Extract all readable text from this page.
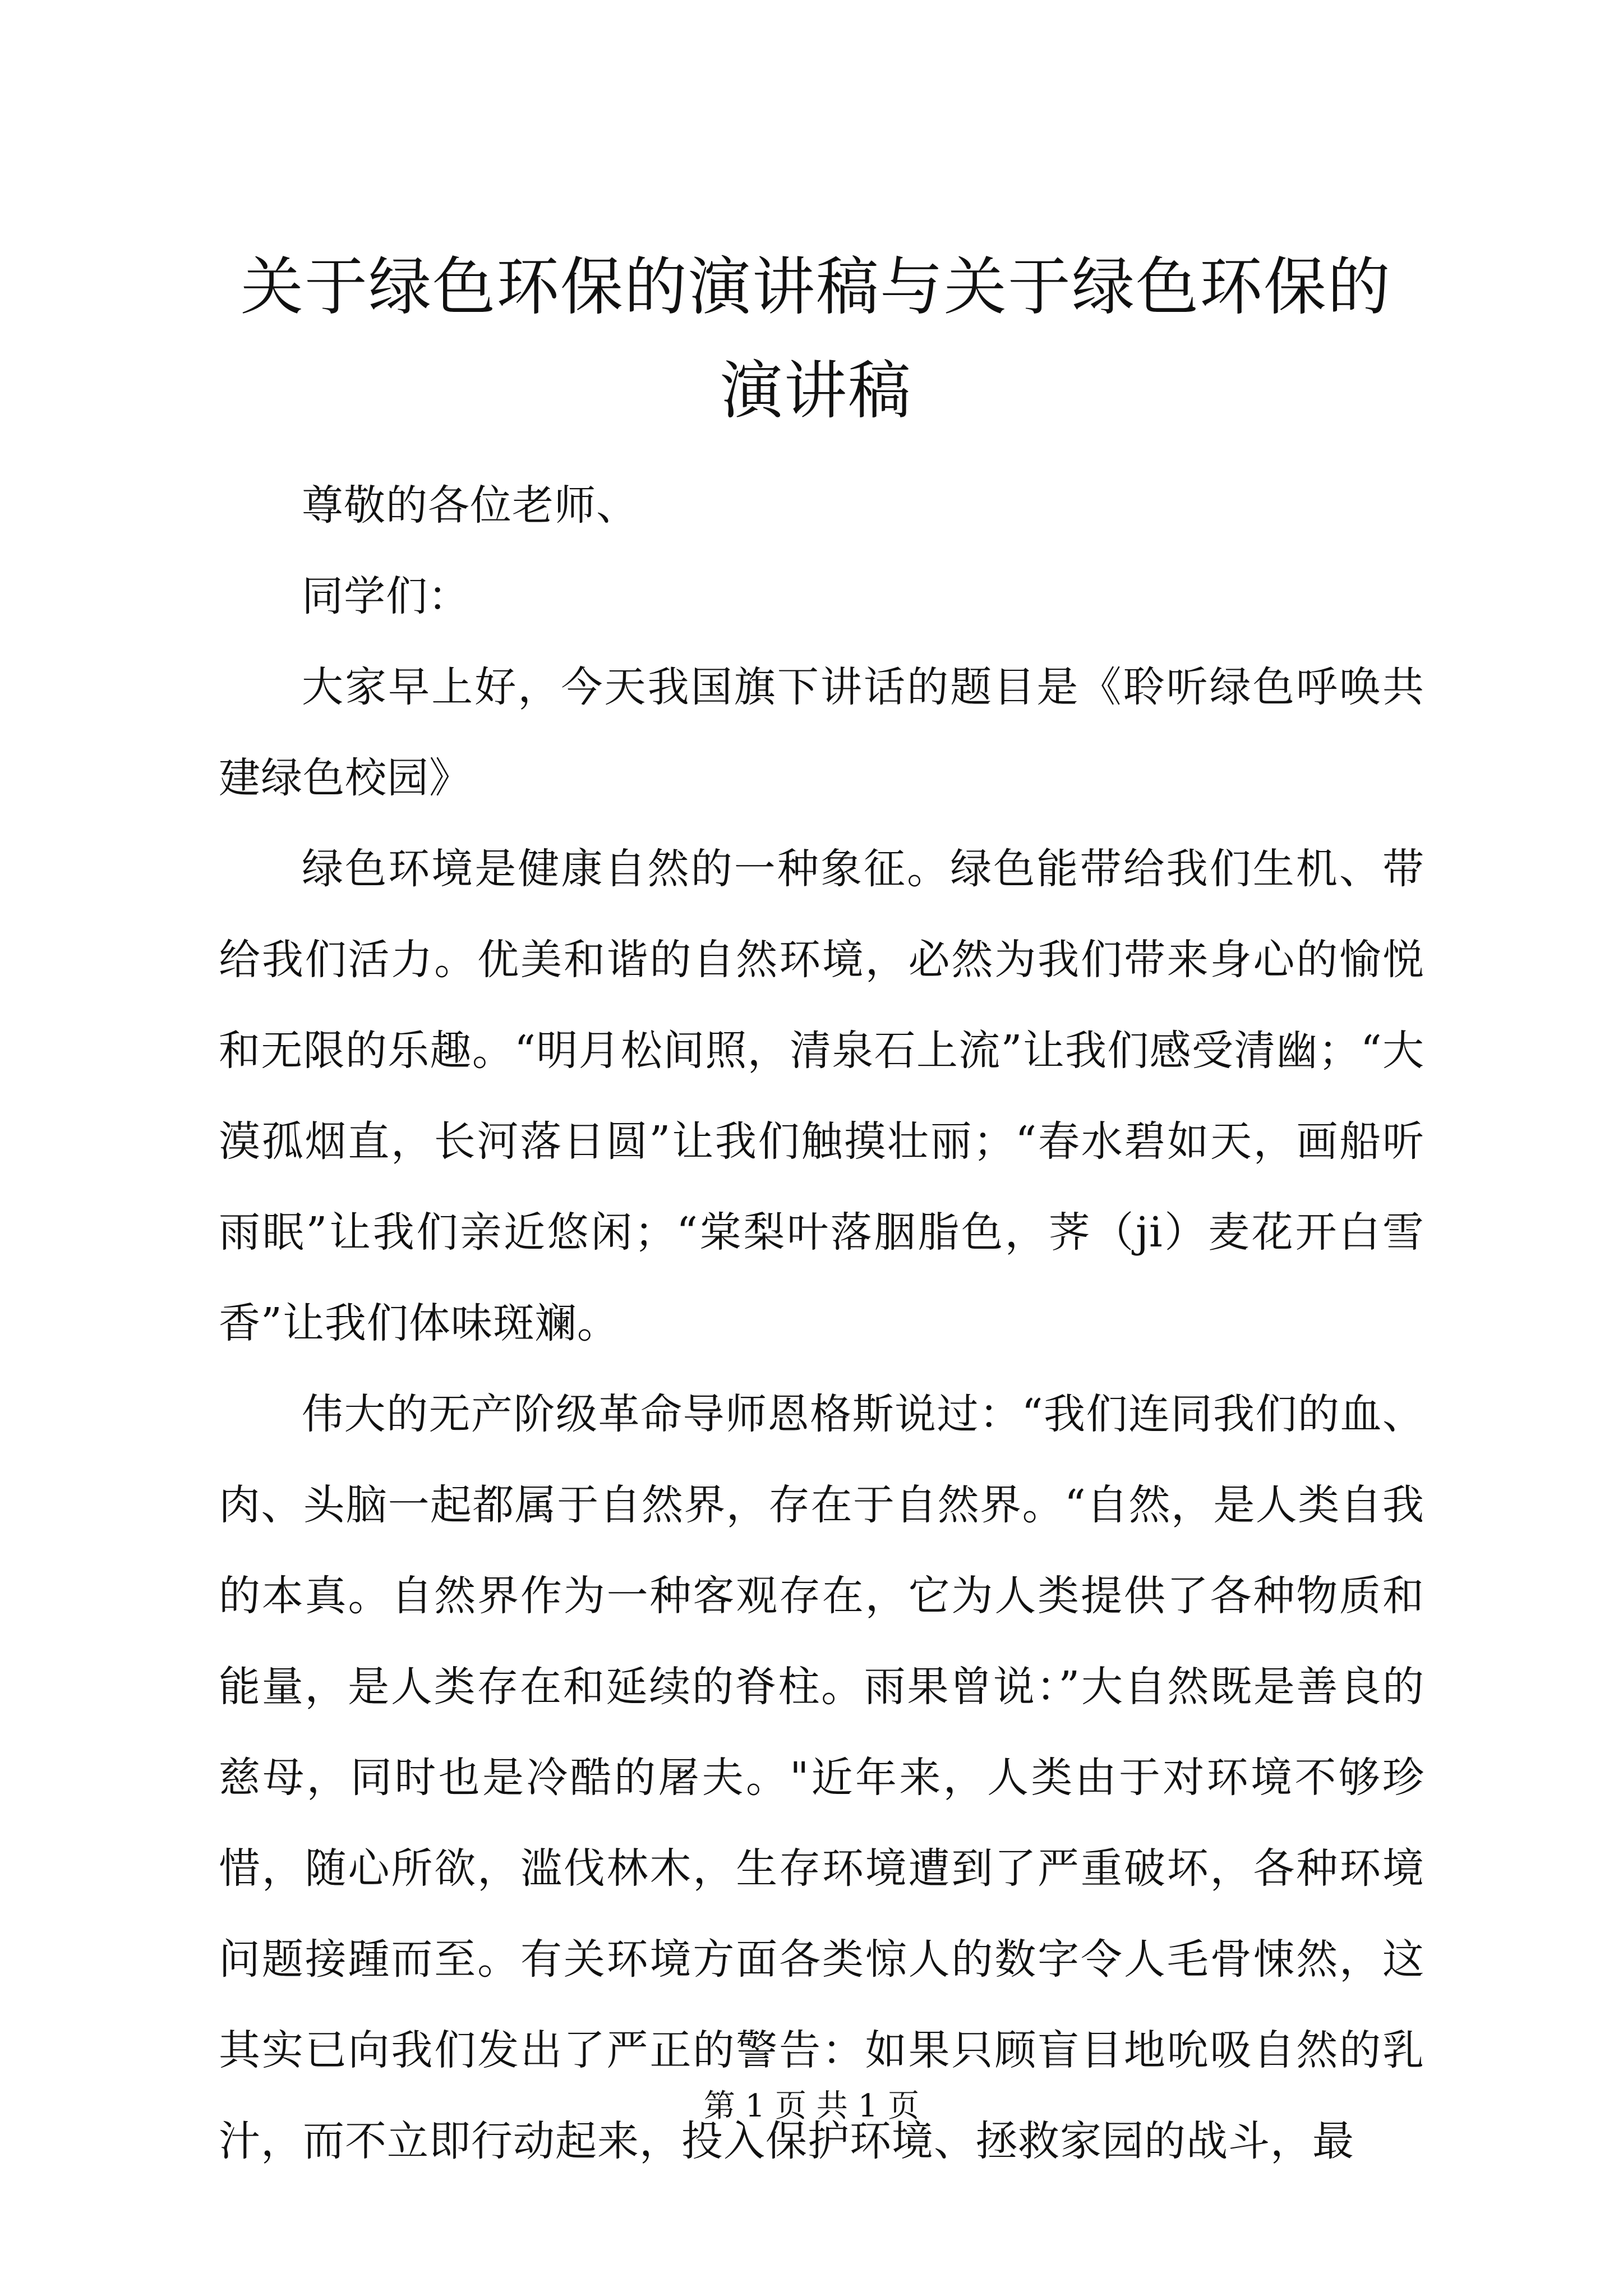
关于绿色环保的演讲稿与关于绿色环保的演讲稿

尊敬的各位老师、

同学们：

大家早上好，今天我国旗下讲话的题目是《聆听绿色呼唤共建绿色校园》

绿色环境是健康自然的一种象征。绿色能带给我们生机、带给我们活力。优美和谐的自然环境，必然为我们带来身心的愉悦和无限的乐趣。“明月松间照，清泉石上流”让我们感受清幽；“大漠孤烟直，长河落日圆”让我们触摸壮丽；“春水碧如天，画船听雨眠”让我们亲近悠闲；“棠梨叶落胭脂色，荠（ji）麦花开白雪香”让我们体味斑斓。

伟大的无产阶级革命导师恩格斯说过：“我们连同我们的血、肉、头脑一起都属于自然界，存在于自然界。“自然，是人类自我的本真。自然界作为一种客观存在，它为人类提供了各种物质和能量，是人类存在和延续的脊柱。雨果曾说：”大自然既是善良的慈母，同时也是冷酷的屠夫。"近年来，人类由于对环境不够珍惜，随心所欲，滥伐林木，生存环境遭到了严重破坏，各种环境问题接踵而至。有关环境方面各类惊人的数字令人毛骨悚然，这其实已向我们发出了严正的警告：如果只顾盲目地吮吸自然的乳汁，而不立即行动起来，投入保护环境、拯救家园的战斗，最

第 1 页 共 1 页
